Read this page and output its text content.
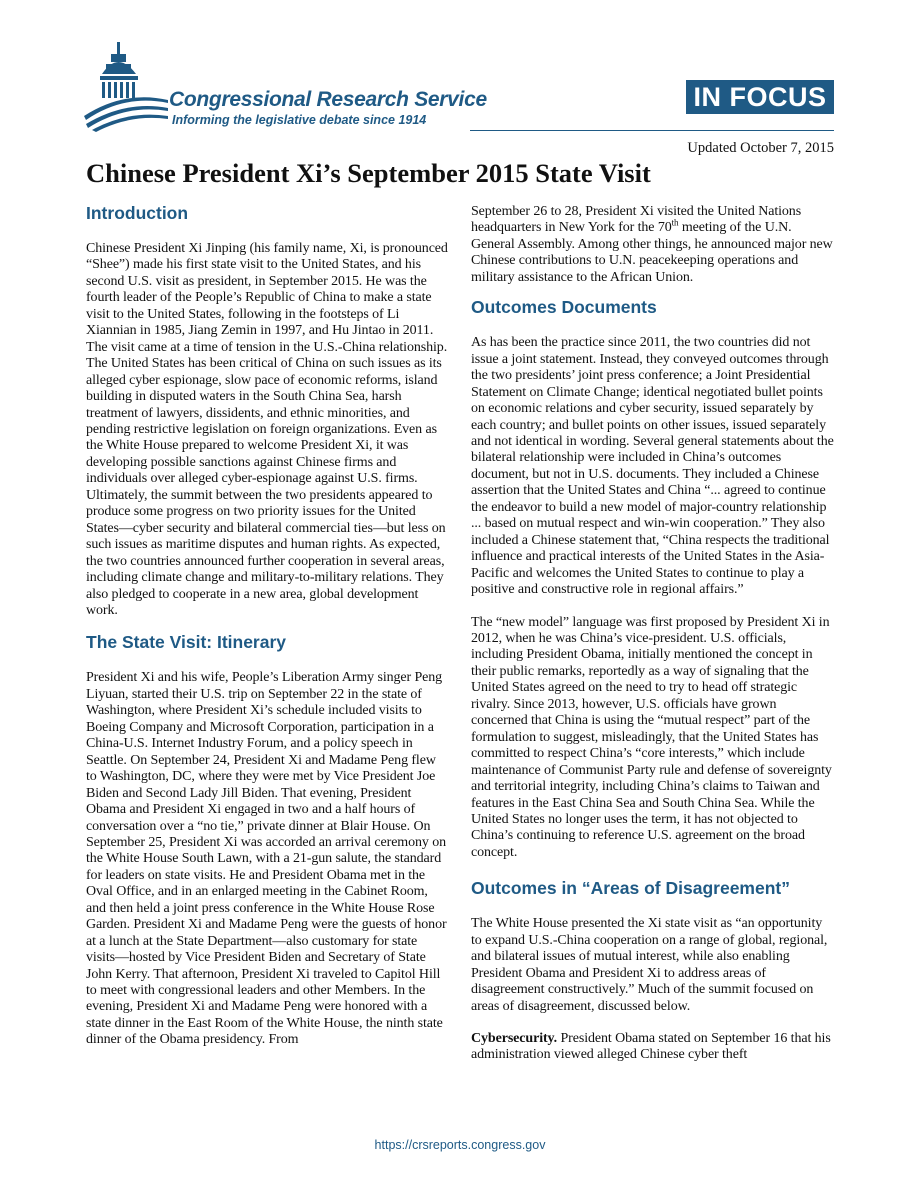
Congressional Research Service

Informing the legislative debate since 1914

IN FOCUS

Updated October 7, 2015

Chinese President Xi’s September 2015 State Visit
Introduction

Chinese President Xi Jinping (his family name, Xi, is pronounced “Shee”) made his first state visit to the United States, and his second U.S. visit as president, in September 2015. He was the fourth leader of the People’s Republic of China to make a state visit to the United States, following in the footsteps of Li Xiannian in 1985, Jiang Zemin in 1997, and Hu Jintao in 2011. The visit came at a time of tension in the U.S.-China relationship. The United States has been critical of China on such issues as its alleged cyber espionage, slow pace of economic reforms, island building in disputed waters in the South China Sea, harsh treatment of lawyers, dissidents, and ethnic minorities, and pending restrictive legislation on foreign organizations. Even as the White House prepared to welcome President Xi, it was developing possible sanctions against Chinese firms and individuals over alleged cyber-espionage against U.S. firms. Ultimately, the summit between the two presidents appeared to produce some progress on two priority issues for the United States—cyber security and bilateral commercial ties—but less on such issues as maritime disputes and human rights. As expected, the two countries announced further cooperation in several areas, including climate change and military-to-military relations. They also pledged to cooperate in a new area, global development work.

The State Visit: Itinerary

President Xi and his wife, People’s Liberation Army singer Peng Liyuan, started their U.S. trip on September 22 in the state of Washington, where President Xi’s schedule included visits to Boeing Company and Microsoft Corporation, participation in a China-U.S. Internet Industry Forum, and a policy speech in Seattle. On September 24, President Xi and Madame Peng flew to Washington, DC, where they were met by Vice President Joe Biden and Second Lady Jill Biden. That evening, President Obama and President Xi engaged in two and a half hours of conversation over a “no tie,” private dinner at Blair House. On September 25, President Xi was accorded an arrival ceremony on the White House South Lawn, with a 21-gun salute, the standard for leaders on state visits. He and President Obama met in the Oval Office, and in an enlarged meeting in the Cabinet Room, and then held a joint press conference in the White House Rose Garden. President Xi and Madame Peng were the guests of honor at a lunch at the State Department—also customary for state visits—hosted by Vice President Biden and Secretary of State John Kerry. That afternoon, President Xi traveled to Capitol Hill to meet with congressional leaders and other Members. In the evening, President Xi and Madame Peng were honored with a state dinner in the East Room of the White House, the ninth state dinner of the Obama presidency. From

September 26 to 28, President Xi visited the United Nations headquarters in New York for the 70th meeting of the U.N. General Assembly. Among other things, he announced major new Chinese contributions to U.N. peacekeeping operations and military assistance to the African Union.

Outcomes Documents

As has been the practice since 2011, the two countries did not issue a joint statement. Instead, they conveyed outcomes through the two presidents’ joint press conference; a Joint Presidential Statement on Climate Change; identical negotiated bullet points on economic relations and cyber security, issued separately by each country; and bullet points on other issues, issued separately and not identical in wording. Several general statements about the bilateral relationship were included in China’s outcomes document, but not in U.S. documents. They included a Chinese assertion that the United States and China “... agreed to continue the endeavor to build a new model of major-country relationship ... based on mutual respect and win-win cooperation.” They also included a Chinese statement that, “China respects the traditional influence and practical interests of the United States in the Asia-Pacific and welcomes the United States to continue to play a positive and constructive role in regional affairs.”

The “new model” language was first proposed by President Xi in 2012, when he was China’s vice-president. U.S. officials, including President Obama, initially mentioned the concept in their public remarks, reportedly as a way of signaling that the United States agreed on the need to try to head off strategic rivalry. Since 2013, however, U.S. officials have grown concerned that China is using the “mutual respect” part of the formulation to suggest, misleadingly, that the United States has committed to respect China’s “core interests,” which include maintenance of Communist Party rule and defense of sovereignty and territorial integrity, including China’s claims to Taiwan and features in the East China Sea and South China Sea. While the United States no longer uses the term, it has not objected to China’s continuing to reference U.S. agreement on the broad concept.

Outcomes in “Areas of Disagreement”

The White House presented the Xi state visit as “an opportunity to expand U.S.-China cooperation on a range of global, regional, and bilateral issues of mutual interest, while also enabling President Obama and President Xi to address areas of disagreement constructively.” Much of the summit focused on areas of disagreement, discussed below.

Cybersecurity. President Obama stated on September 16 that his administration viewed alleged Chinese cyber theft

https://crsreports.congress.gov
